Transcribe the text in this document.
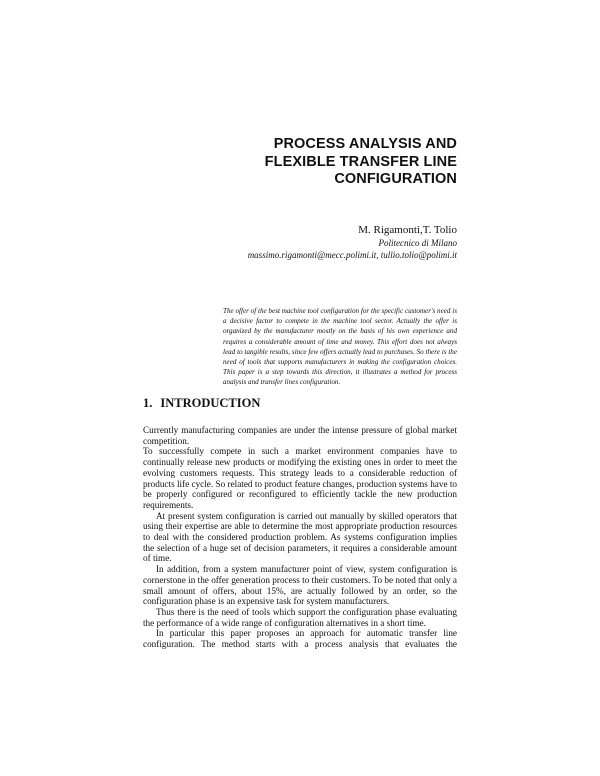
PROCESS ANALYSIS AND
FLEXIBLE TRANSFER LINE
CONFIGURATION
M. Rigamonti,T. Tolio
Politecnico di Milano
massimo.rigamonti@mecc.polimi.it, tullio.tolio@polimi.it
The offer of the best machine tool configuration for the specific customer's need is a decisive factor to compete in the machine tool sector. Actually the offer is organized by the manufacturer mostly on the basis of his own experience and requires a considerable amount of time and money. This effort does not always lead to tangible results, since few offers actually lead to purchases. So there is the need of tools that supports manufacturers in making the configuration choices. This paper is a step towards this direction, it illustrates a method for process analysis and transfer lines configuration.
1. INTRODUCTION

Currently manufacturing companies are under the intense pressure of global market competition.

To successfully compete in such a market environment companies have to continually release new products or modifying the existing ones in order to meet the evolving customers requests. This strategy leads to a considerable reduction of products life cycle. So related to product feature changes, production systems have to be properly configured or reconfigured to efficiently tackle the new production requirements.

At present system configuration is carried out manually by skilled operators that using their expertise are able to determine the most appropriate production resources to deal with the considered production problem. As systems configuration implies the selection of a huge set of decision parameters, it requires a considerable amount of time.

In addition, from a system manufacturer point of view, system configuration is cornerstone in the offer generation process to their customers. To be noted that only a small amount of offers, about 15%, are actually followed by an order, so the configuration phase is an expensive task for system manufacturers.

Thus there is the need of tools which support the configuration phase evaluating the performance of a wide range of configuration alternatives in a short time.

In particular this paper proposes an approach for automatic transfer line configuration. The method starts with a process analysis that evaluates the
